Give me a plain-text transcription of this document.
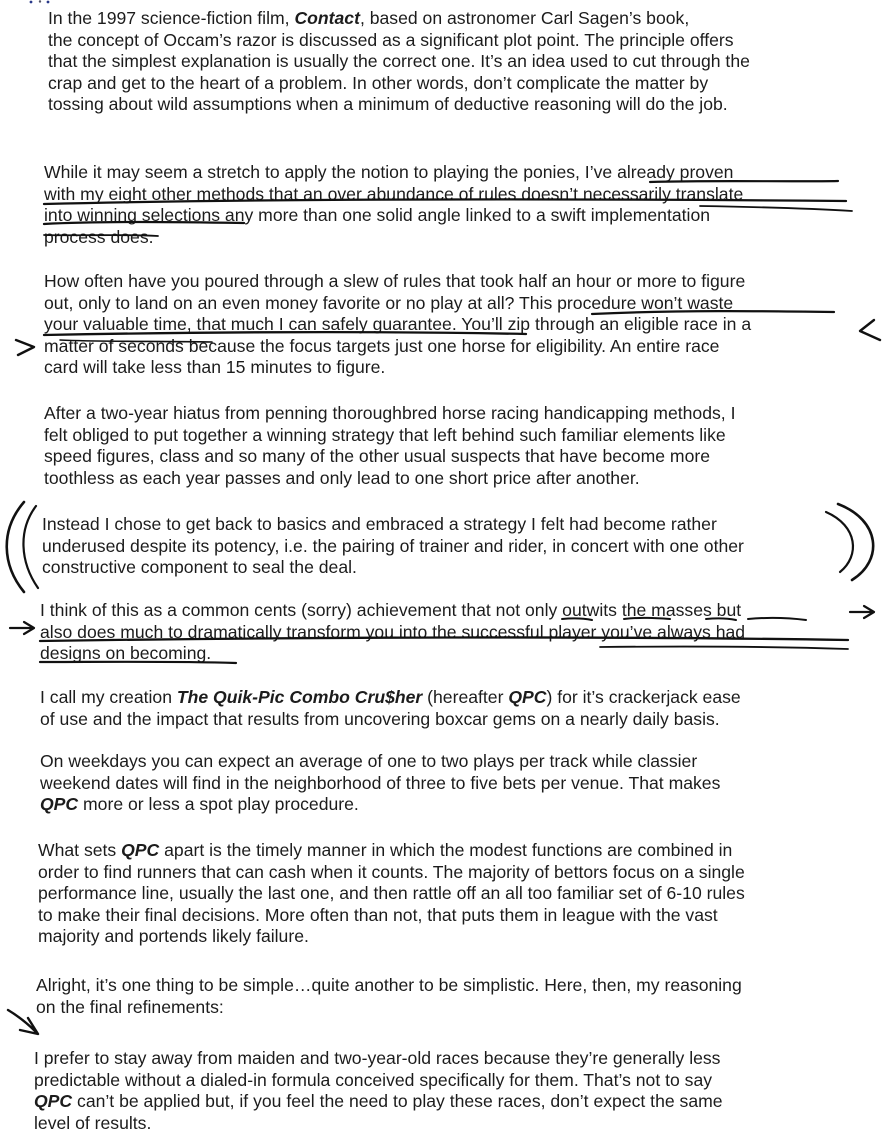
In the 1997 science-fiction film, Contact, based on astronomer Carl Sagen’s book,
the concept of Occam’s razor is discussed as a significant plot point. The principle offers
that the simplest explanation is usually the correct one. It’s an idea used to cut through the
crap and get to the heart of a problem. In other words, don’t complicate the matter by
tossing about wild assumptions when a minimum of deductive reasoning will do the job.
While it may seem a stretch to apply the notion to playing the ponies, I’ve already proven
with my eight other methods that an over abundance of rules doesn’t necessarily translate
into winning selections any more than one solid angle linked to a swift implementation
process does.
How often have you poured through a slew of rules that took half an hour or more to figure
out, only to land on an even money favorite or no play at all? This procedure won’t waste
your valuable time, that much I can safely guarantee. You’ll zip through an eligible race in a
matter of seconds because the focus targets just one horse for eligibility. An entire race
card will take less than 15 minutes to figure.
After a two-year hiatus from penning thoroughbred horse racing handicapping methods, I
felt obliged to put together a winning strategy that left behind such familiar elements like
speed figures, class and so many of the other usual suspects that have become more
toothless as each year passes and only lead to one short price after another.
Instead I chose to get back to basics and embraced a strategy I felt had become rather
underused despite its potency, i.e. the pairing of trainer and rider, in concert with one other
constructive component to seal the deal.
I think of this as a common cents (sorry) achievement that not only outwits the masses but
also does much to dramatically transform you into the successful player you’ve always had
designs on becoming.
I call my creation The Quik-Pic Combo Cru$her (hereafter QPC) for it’s crackerjack ease
of use and the impact that results from uncovering boxcar gems on a nearly daily basis.
On weekdays you can expect an average of one to two plays per track while classier
weekend dates will find in the neighborhood of three to five bets per venue. That makes
QPC more or less a spot play procedure.
What sets QPC apart is the timely manner in which the modest functions are combined in
order to find runners that can cash when it counts. The majority of bettors focus on a single
performance line, usually the last one, and then rattle off an all too familiar set of 6-10 rules
to make their final decisions. More often than not, that puts them in league with the vast
majority and portends likely failure.
Alright, it’s one thing to be simple…quite another to be simplistic. Here, then, my reasoning
on the final refinements:
I prefer to stay away from maiden and two-year-old races because they’re generally less
predictable without a dialed-in formula conceived specifically for them. That’s not to say
QPC can’t be applied but, if you feel the need to play these races, don’t expect the same
level of results.
